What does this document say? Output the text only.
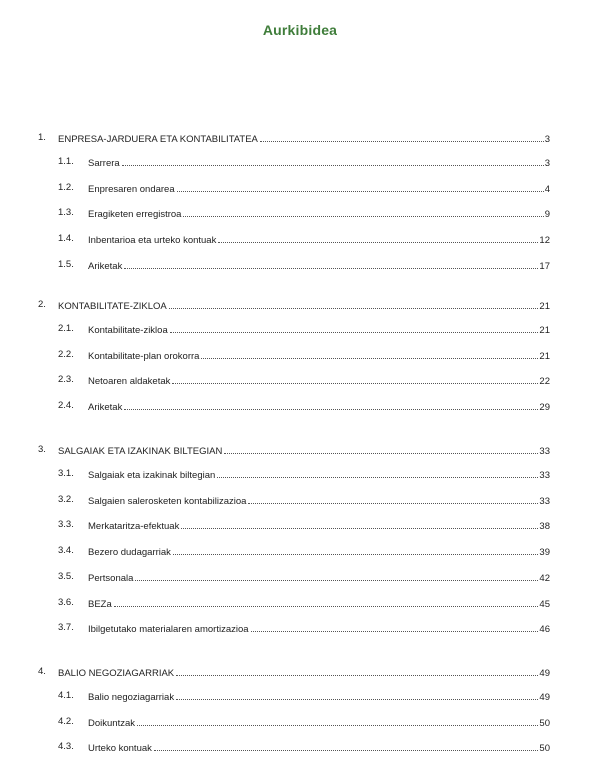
Aurkibidea
1. ENPRESA-JARDUERA ETA KONTABILITATEA	3
1.1. Sarrera	3
1.2. Enpresaren ondarea	4
1.3. Eragiketen erregistroa	9
1.4. Inbentarioa eta urteko kontuak	12
1.5. Ariketak	17
2. KONTABILITATE-ZIKLOA	21
2.1. Kontabilitate-zikloa	21
2.2. Kontabilitate-plan orokorra	21
2.3. Netoaren aldaketak	22
2.4. Ariketak	29
3. SALGAIAK ETA IZAKINAK BILTEGIAN	33
3.1. Salgaiak eta izakinak biltegian	33
3.2. Salgaien salerosketen kontabilizazioa	33
3.3. Merkataritza-efektuak	38
3.4. Bezero dudagarriak	39
3.5. Pertsonala	42
3.6. BEZa	45
3.7. Ibilgetutako materialaren amortizazioa	46
4. BALIO NEGOZIAGARRIAK	49
4.1. Balio negoziagarriak	49
4.2. Doikuntzak	50
4.3. Urteko kontuak	50
